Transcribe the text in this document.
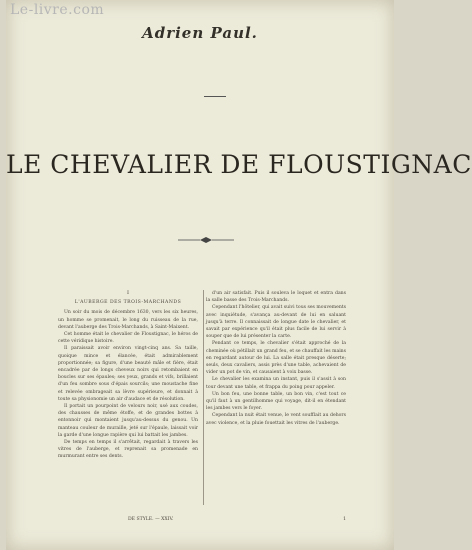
Le-livre.com
Adrien Paul.
LE CHEVALIER DE FLOUSTIGNAC
I
L'AUBERGE DES TROIS-MARCHANDS

Un soir du mois de décembre 1630, vers les six heures, un homme se promenait, le long du ruisseau de la rue, devant l'auberge des Trois-Marchands, à Saint-Maixent.

Cet homme était le chevalier de Floustignac, le héros de cette véridique histoire.

Il paraissait avoir environ vingt-cinq ans. Sa taille, quoique mince et élancée, était admirablement proportionnée; sa figure, d'une beauté mâle et fière, était encadrée par de longs cheveux noirs qui retombaient en boucles sur ses épaules; ses yeux, grands et vifs, brillaient d'un feu sombre sous d'épais sourcils; une moustache fine et relevée ombrageait sa lèvre supérieure, et donnait à toute sa physionomie un air d'audace et de résolution.

Il portait un pourpoint de velours noir, usé aux coudes, des chausses de même étoffe, et de grandes bottes à entonnoir qui montaient jusqu'au-dessus du genou. Un manteau couleur de muraille, jeté sur l'épaule, laissait voir la garde d'une longue rapière qui lui battait les jambes.

De temps en temps il s'arrêtait, regardait à travers les vitres de l'auberge, et reprenait sa promenade en murmurant entre ses dents.

d'un air satisfait. Puis il souleva le loquet et entra dans la salle basse des Trois-Marchands.

Cependant l'hôtelier, qui avait suivi tous ses mouvements avec inquiétude, s'avança au-devant de lui en saluant jusqu'à terre. Il connaissait de longue date le chevalier, et savait par expérience qu'il était plus facile de lui servir à souper que de lui présenter la carte.

Pendant ce temps, le chevalier s'était approché de la cheminée où pétillait un grand feu, et se chauffait les mains en regardant autour de lui. La salle était presque déserte; seuls, deux cavaliers, assis près d'une table, achevaient de vider un pot de vin, et causaient à voix basse.

Le chevalier les examina un instant, puis il s'assit à son tour devant une table, et frappa du poing pour appeler.

Un bon feu, une bonne table, un bon vin, c'est tout ce qu'il faut à un gentilhomme qui voyage, dit-il en étendant les jambes vers le foyer.

Cependant la nuit était venue, le vent soufflait au dehors avec violence, et la pluie fouettait les vitres de l'auberge.

DE STYLE. — XXIV.	1
